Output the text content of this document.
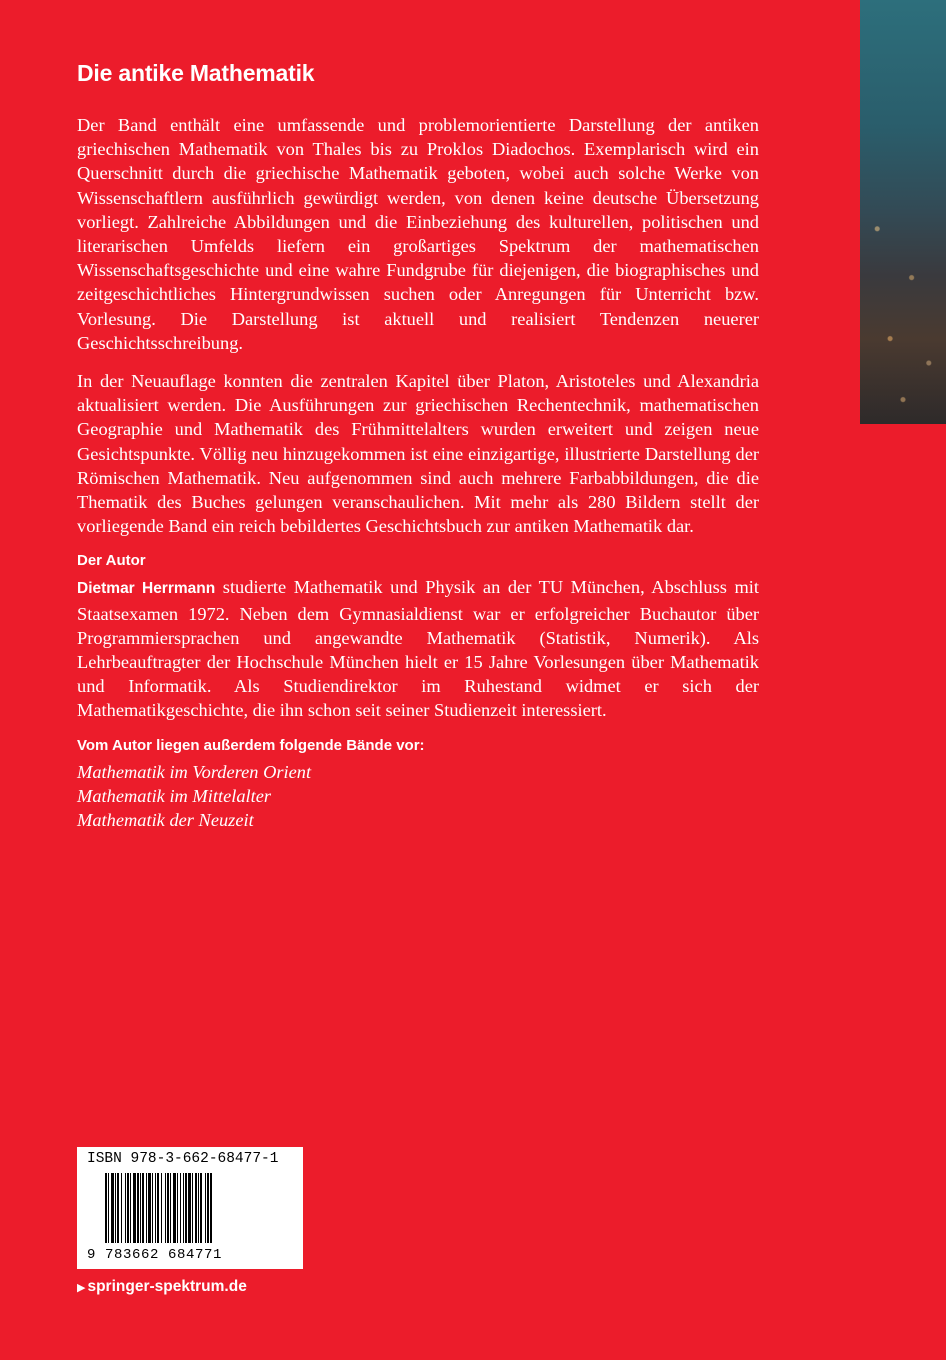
Die antike Mathematik

Der Band enthält eine umfassende und problemorientierte Darstellung der antiken griechischen Mathematik von Thales bis zu Proklos Diadochos. Exemplarisch wird ein Querschnitt durch die griechische Mathematik geboten, wobei auch solche Werke von Wissenschaftlern ausführlich gewürdigt werden, von denen keine deutsche Übersetzung vorliegt. Zahlreiche Abbildungen und die Einbeziehung des kulturellen, politischen und literarischen Umfelds liefern ein großartiges Spektrum der mathematischen Wissenschaftsgeschichte und eine wahre Fundgrube für diejenigen, die biographisches und zeitgeschichtliches Hintergrundwissen suchen oder Anregungen für Unterricht bzw. Vorlesung. Die Darstellung ist aktuell und realisiert Tendenzen neuerer Geschichtsschreibung.

In der Neuauflage konnten die zentralen Kapitel über Platon, Aristoteles und Alexandria aktualisiert werden. Die Ausführungen zur griechischen Rechentechnik, mathematischen Geographie und Mathematik des Frühmittelalters wurden erweitert und zeigen neue Gesichtspunkte. Völlig neu hinzugekommen ist eine einzigartige, illustrierte Darstellung der Römischen Mathematik. Neu aufgenommen sind auch mehrere Farbabbildungen, die die Thematik des Buches gelungen veranschaulichen. Mit mehr als 280 Bildern stellt der vorliegende Band ein reich bebildertes Geschichtsbuch zur antiken Mathematik dar.

Der Autor

Dietmar Herrmann studierte Mathematik und Physik an der TU München, Abschluss mit Staatsexamen 1972. Neben dem Gymnasialdienst war er erfolgreicher Buchautor über Programmiersprachen und angewandte Mathematik (Statistik, Numerik). Als Lehrbeauftragter der Hochschule München hielt er 15 Jahre Vorlesungen über Mathematik und Informatik. Als Studiendirektor im Ruhestand widmet er sich der Mathematikgeschichte, die ihn schon seit seiner Studienzeit interessiert.

Vom Autor liegen außerdem folgende Bände vor:
Mathematik im Vorderen Orient
Mathematik im Mittelalter
Mathematik der Neuzeit
ISBN 978-3-662-68477-1
9 783662 684771
▶ springer-spektrum.de
